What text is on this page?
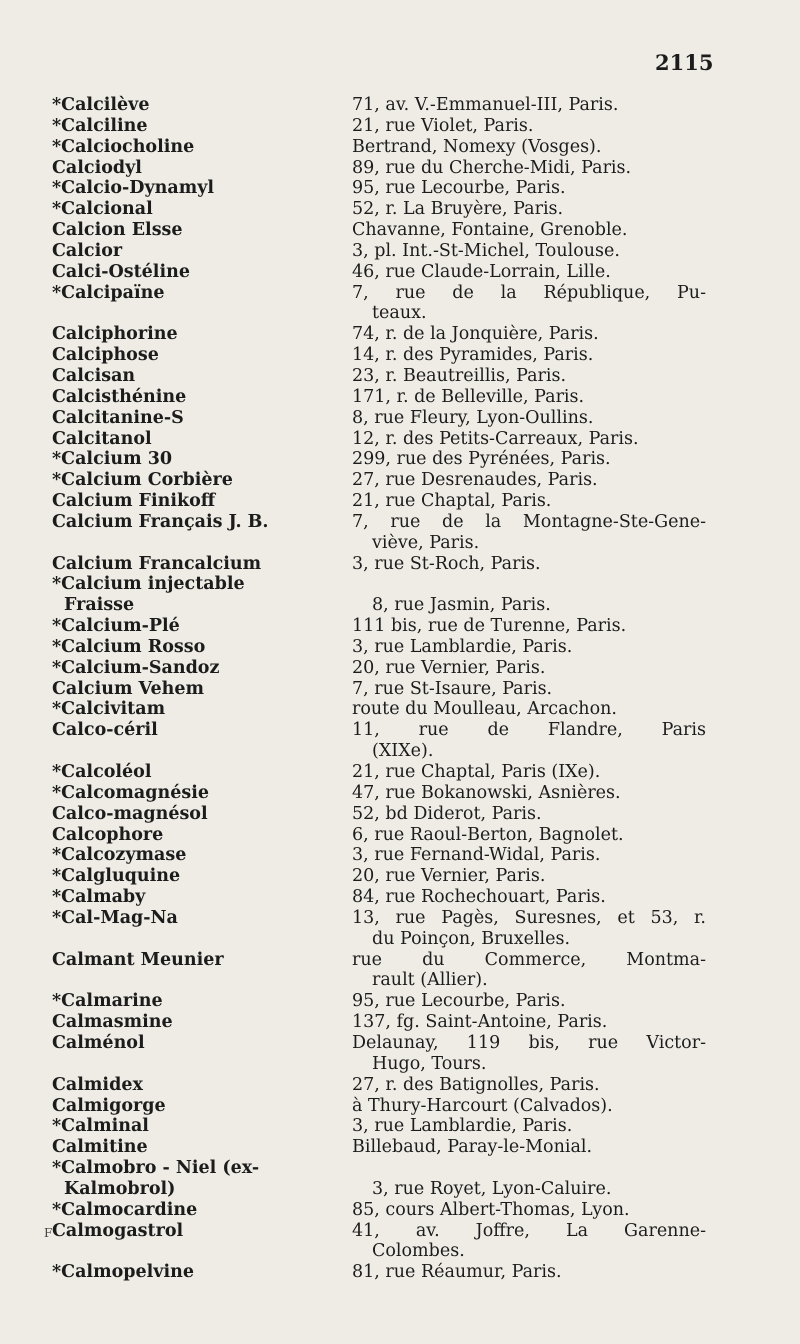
2115
*Calcilève	71, av. V.-Emmanuel-III, Paris.
*Calciline	21, rue Violet, Paris.
*Calciocholine	Bertrand, Nomexy (Vosges).
Calciodyl	89, rue du Cherche-Midi, Paris.
*Calcio-Dynamyl	95, rue Lecourbe, Paris.
*Calcional	52, r. La Bruyère, Paris.
Calcion Elsse	Chavanne, Fontaine, Grenoble.
Calcior	3, pl. Int.-St-Michel, Toulouse.
Calci-Ostéline	46, rue Claude-Lorrain, Lille.
*Calcipaïne	7, rue de la République, Pu-
teaux.
Calciphorine	74, r. de la Jonquière, Paris.
Calciphose	14, r. des Pyramides, Paris.
Calcisan	23, r. Beautreillis, Paris.
Calcisthénine	171, r. de Belleville, Paris.
Calcitanine-S	8, rue Fleury, Lyon-Oullins.
Calcitanol	12, r. des Petits-Carreaux, Paris.
*Calcium 30	299, rue des Pyrénées, Paris.
*Calcium Corbière	27, rue Desrenaudes, Paris.
Calcium Finikoff	21, rue Chaptal, Paris.
Calcium Français J. B.	7, rue de la Montagne-Ste-Gene-
viève, Paris.
Calcium Francalcium	3, rue St-Roch, Paris.
*Calcium injectable
Fraisse	8, rue Jasmin, Paris.
*Calcium-Plé	111 bis, rue de Turenne, Paris.
*Calcium Rosso	3, rue Lamblardie, Paris.
*Calcium-Sandoz	20, rue Vernier, Paris.
Calcium Vehem	7, rue St-Isaure, Paris.
*Calcivitam	route du Moulleau, Arcachon.
Calco-céril	11, rue de Flandre, Paris
(XIXe).
*Calcoléol	21, rue Chaptal, Paris (IXe).
*Calcomagnésie	47, rue Bokanowski, Asnières.
Calco-magnésol	52, bd Diderot, Paris.
Calcophore	6, rue Raoul-Berton, Bagnolet.
*Calcozymase	3, rue Fernand-Widal, Paris.
*Calgluquine	20, rue Vernier, Paris.
*Calmaby	84, rue Rochechouart, Paris.
*Cal-Mag-Na	13, rue Pagès, Suresnes, et 53, r.
du Poinçon, Bruxelles.
Calmant Meunier	rue du Commerce, Montma-
rault (Allier).
*Calmarine	95, rue Lecourbe, Paris.
Calmasmine	137, fg. Saint-Antoine, Paris.
Calménol	Delaunay, 119 bis, rue Victor-
Hugo, Tours.
Calmidex	27, r. des Batignolles, Paris.
Calmigorge	à Thury-Harcourt (Calvados).
*Calminal	3, rue Lamblardie, Paris.
Calmitine	Billebaud, Paray-le-Monial.
*Calmobro - Niel (ex-
Kalmobrol)	3, rue Royet, Lyon-Caluire.
*Calmocardine	85, cours Albert-Thomas, Lyon.
Calmogastrol	41, av. Joffre, La Garenne-
Colombes.
*Calmopelvine	81, rue Réaumur, Paris.
F
